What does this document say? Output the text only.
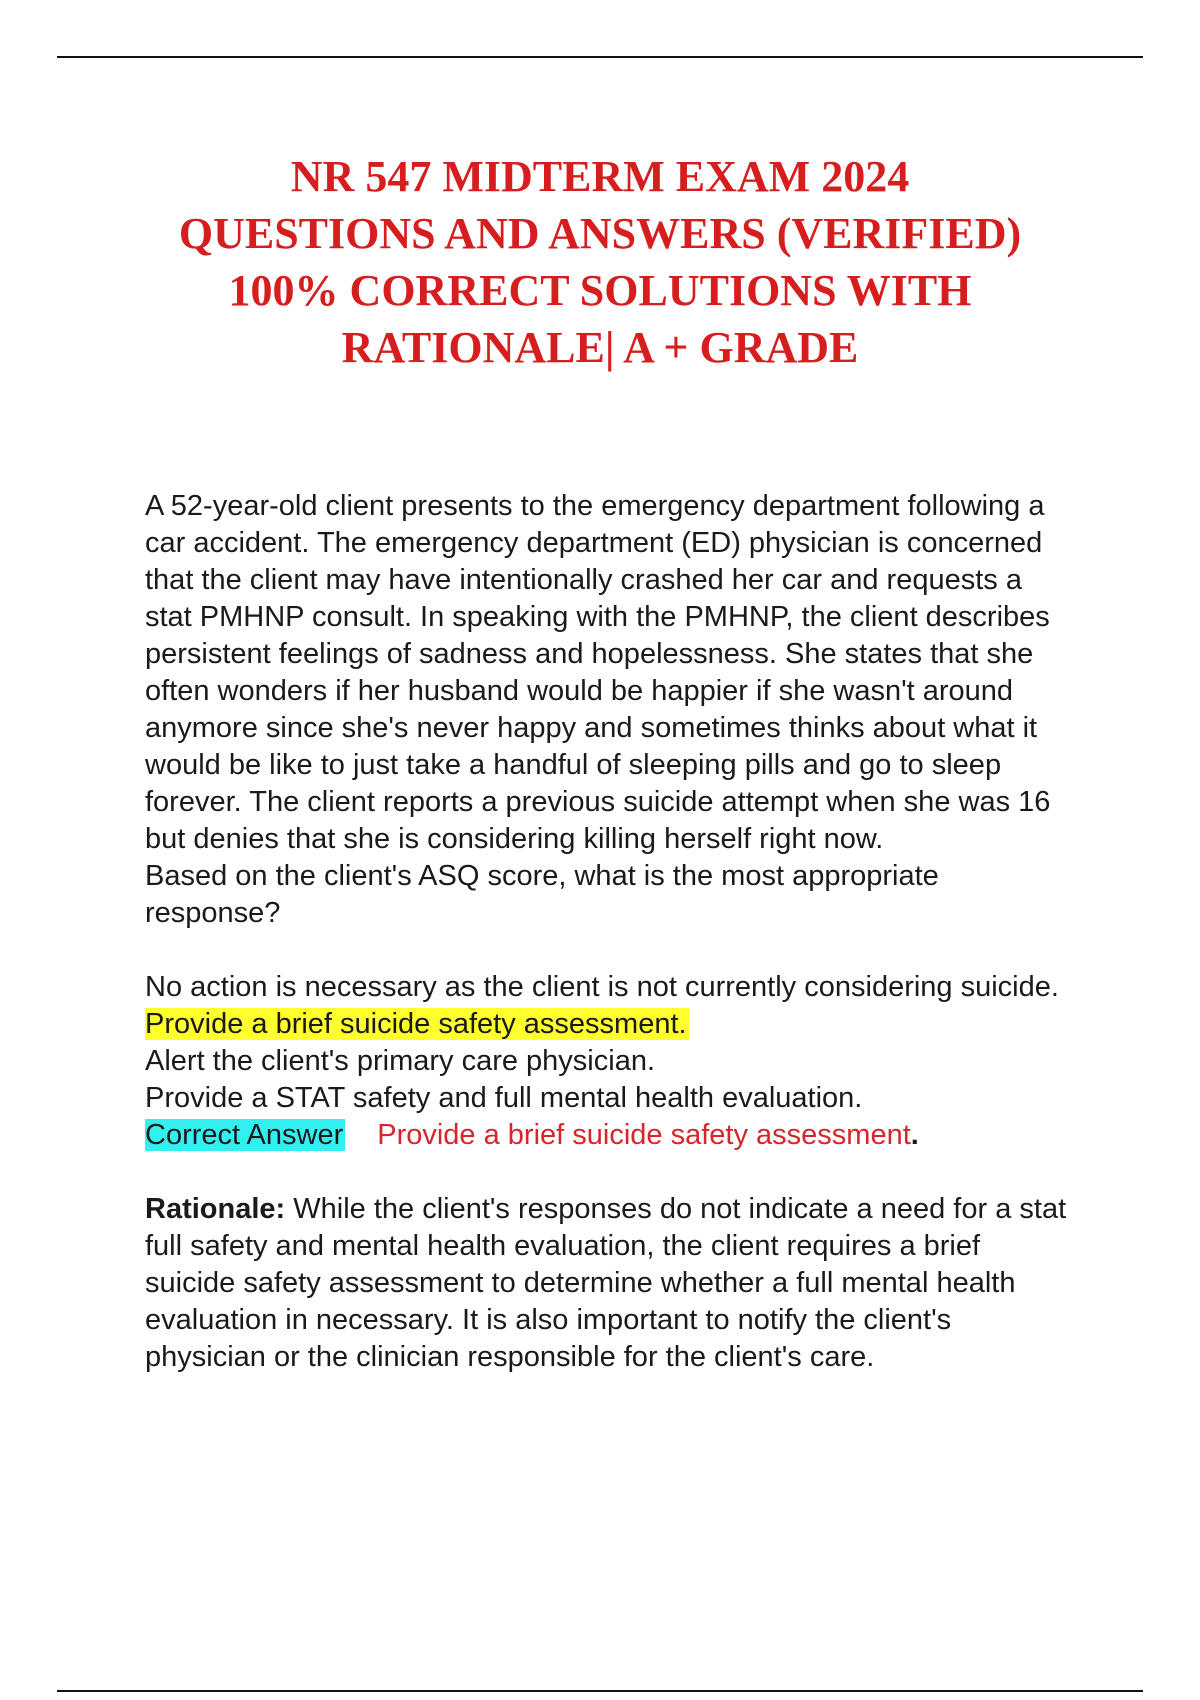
NR 547 MIDTERM EXAM 2024 QUESTIONS AND ANSWERS (VERIFIED) 100% CORRECT SOLUTIONS WITH RATIONALE| A + GRADE

A 52-year-old client presents to the emergency department following a car accident. The emergency department (ED) physician is concerned that the client may have intentionally crashed her car and requests a stat PMHNP consult. In speaking with the PMHNP, the client describes persistent feelings of sadness and hopelessness. She states that she often wonders if her husband would be happier if she wasn't around anymore since she's never happy and sometimes thinks about what it would be like to just take a handful of sleeping pills and go to sleep forever. The client reports a previous suicide attempt when she was 16 but denies that she is considering killing herself right now.

Based on the client's ASQ score, what is the most appropriate response?

No action is necessary as the client is not currently considering suicide.

Provide a brief suicide safety assessment.

Alert the client's primary care physician.

Provide a STAT safety and full mental health evaluation.

Correct Answer Provide a brief suicide safety assessment.

Rationale: While the client's responses do not indicate a need for a stat full safety and mental health evaluation, the client requires a brief suicide safety assessment to determine whether a full mental health evaluation in necessary. It is also important to notify the client's physician or the clinician responsible for the client's care.
